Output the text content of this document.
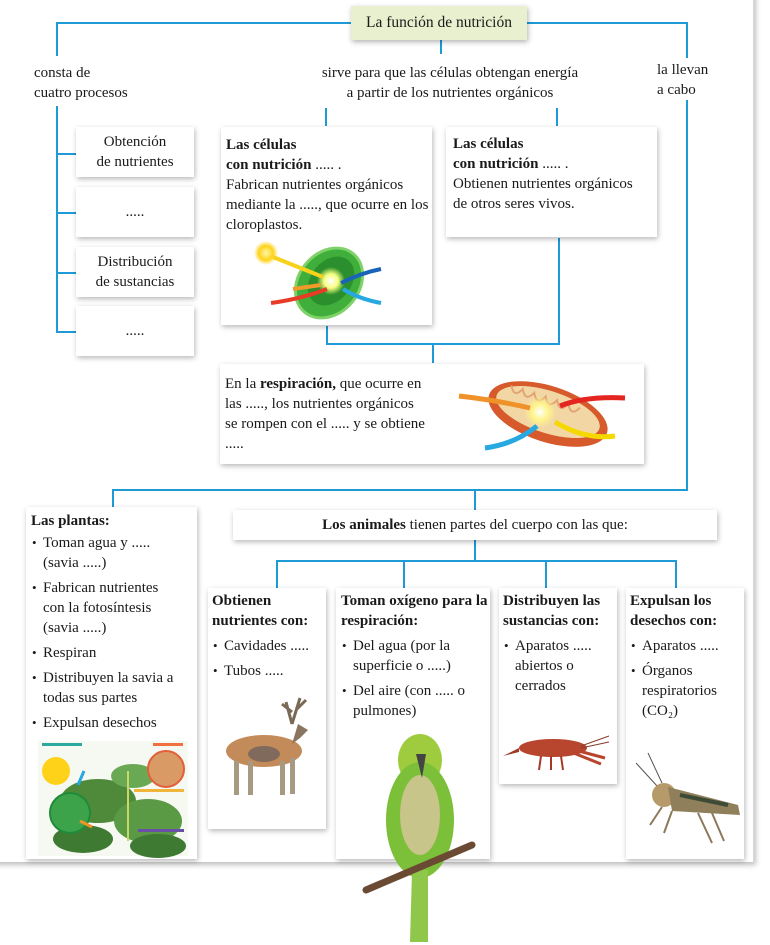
La función de nutrición
consta de
cuatro procesos
sirve para que las células obtengan energía
a partir de los nutrientes orgánicos
la llevan
a cabo
Obtención
de nutrientes
.....
Distribución
de sustancias
.....
Las células
con nutrición ..... .
Fabrican nutrientes orgánicos mediante la ....., que ocurre en los cloroplastos.
Las células
con nutrición ..... .
Obtienen nutrientes orgánicos de otros seres vivos.
En la respiración, que ocurre en las ....., los nutrientes orgánicos se rompen con el ..... y se obtiene .....
Las plantas:
• Toman agua y ..... (savia .....)
• Fabrican nutrientes con la fotosíntesis (savia .....)
• Respiran
• Distribuyen la savia a todas sus partes
• Expulsan desechos
Los animales tienen partes del cuerpo con las que:
Obtienen nutrientes con:
• Cavidades .....
• Tubos .....
Toman oxígeno para la respiración:
• Del agua (por la superficie o .....)
• Del aire (con ..... o pulmones)
Distribuyen las sustancias con:
• Aparatos ..... abiertos o cerrados
Expulsan los desechos con:
• Aparatos .....
• Órganos respiratorios (CO₂)
